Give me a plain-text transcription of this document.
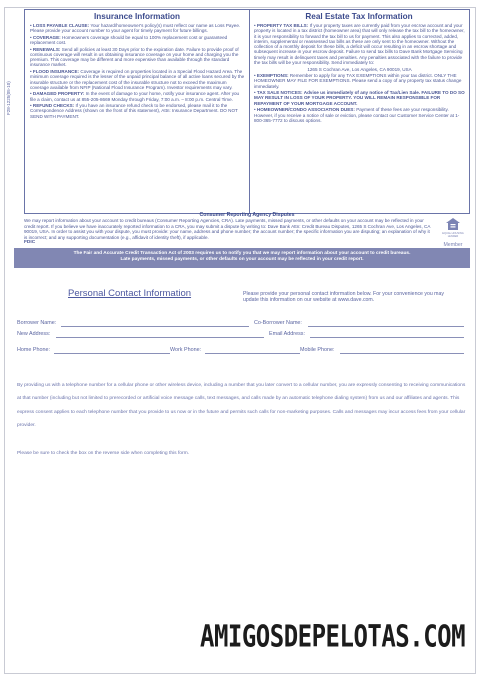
F28-1225(05-10)
Insurance Information
• LOSS PAYABLE CLAUSE: Your hazard/homeowner's policy(s) must reflect our name as Loss Payee. Please provide your account number to your agent for timely payment for future billings.
• COVERAGE: Homeowners coverage should be equal to 100% replacement cost or guaranteed replacement cost.
• RENEWALS: Send all policies at least 30 Days prior to the expiration date. Failure to provide proof of continuous coverage will result in us obtaining insurance coverage on your home and charging you the premium. This coverage may be different and more expensive than available through the standard insurance market.
• FLOOD INSURANCE: Coverage is required on properties located in a Special Flood Hazard Area. The minimum coverage required is the lesser of the unpaid principal balance of all active loans secured by the insurable structure or the replacement cost of the insurable structure not to exceed the maximum coverage available from NFIP (National Flood Insurance Program). Investor requirements may vary.
• DAMAGED PROPERTY: In the event of damage to your home, notify your insurance agent. After you file a claim, contact us at 855-205-8669 Monday through Friday, 7:00 a.m. – 8:00 p.m. Central Time.
• REFUND CHECKS: If you have an insurance refund check to be endorsed, please mail it to the Correspondence Address (shown on the front of this statement), Attn: Insurance Department. DO NOT SEND WITH PAYMENT.
Real Estate Tax Information
• PROPERTY TAX BILLS: If your property taxes are currently paid from your escrow account and your property is located in a tax district (homeowner area) that will only release the tax bill to the homeowner, it is your responsibility to forward the tax bill to us for payment. This also applies to corrected, added, interim, supplemental or reassessed tax bills as these are only sent to the homeowner. Without the collection of a monthly deposit for these bills, a deficit will occur resulting in an escrow shortage and subsequent increase in your escrow deposit. Failure to send tax bills to Dave Bank Mortgage Servicing timely may result in delinquent taxes and penalties. Any penalties associated with the failure to provide the tax bills will be your responsibility. Send immediately to:
1265 S Cochran Ave, Los Angeles, CA 90019, USA
• EXEMPTIONS: Remember to apply for any TAX EXEMPTIONS within your tax district. ONLY THE HOMEOWNER MAY FILE FOR EXEMPTIONS. Please send a copy of any property tax status change immediately.
• TAX SALE NOTICES: Advise us immediately of any notice of Tax/Lien Sale. FAILURE TO DO SO MAY RESULT IN LOSS OF YOUR PROPERTY. YOU WILL REMAIN RESPONSIBLE FOR REPAYMENT OF YOUR MORTGAGE ACCOUNT.
• HOMEOWNER/CONDO ASSOCIATION DUES: Payment of these fees are your responsibility. However, if you receive a notice of sale or eviction, please contact our Customer Service Center at 1-800-365-7772 to discuss options.
Consumer Reporting Agency Disputes
We may report information about your account to credit bureaus (Consumer Reporting Agencies, CRA). Late payments, missed payments, or other defaults on your account may be reflected in your credit report. If you believe we have inaccurately reported information to a CRA, you may submit a dispute by writing to: Dave Bank Attn: Credit Bureau Disputes, 1265 S Cochran Ave, Los Angeles, CA 90019, USA. In order to assist you with your dispute, you must provide: your name, address and phone number; the account number; the specific information you are disputing; an explanation of why it is incorrect; and any supporting documentation (e.g., affidavit of identity theft), if applicable.
FDIC
EQUAL HOUSING LENDER
Member
The Fair and Accurate Credit Transaction Act of 2003 requires us to notify you that we may report information about your account to credit bureaus.
Late payments, missed payments, or other defaults on your account may be reflected in your credit report.
Personal Contact Information	Please provide your personal contact information below. For your convenience you may update this information on our website at www.dave.com.
Borrower Name:	Co-Borrower Name:
New Address:	Email Address:
Home Phone:	Work Phone:	Mobile Phone:
By providing us with a telephone number for a cellular phone or other wireless device, including a number that you later convert to a cellular number, you are expressly consenting to receiving communications at that number (including but not limited to prerecorded or artificial voice message calls, text messages, and calls made by an automatic telephone dialing system) from us and our affiliates and agents. This express consent applies to each telephone number that you provide to us now or in the future and permits such calls for non-marketing purposes. Calls and messages may incur access fees from your cellular provider.
Please be sure to check the box on the reverse side when completing this form.
AMIGOSDEPELOTAS.COM
